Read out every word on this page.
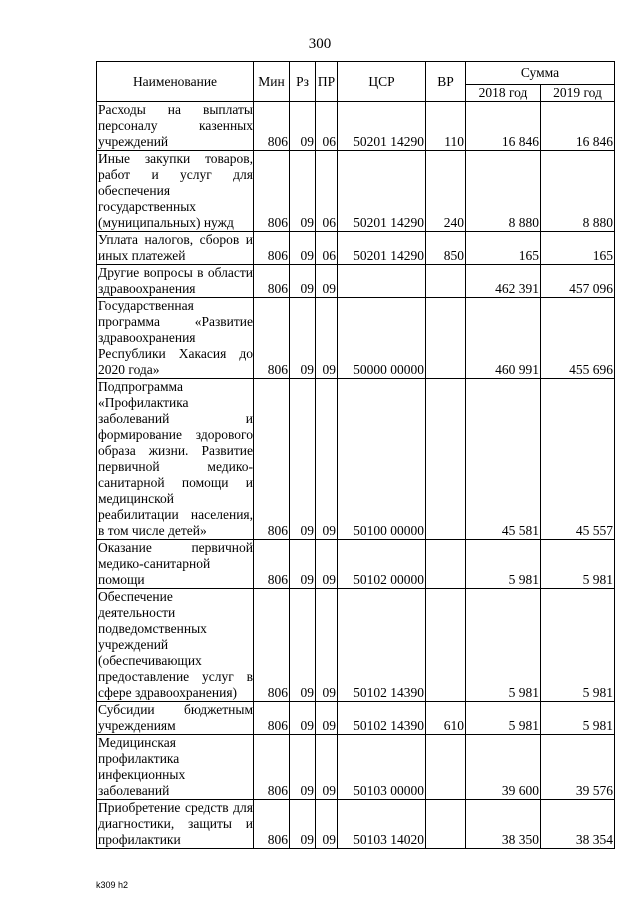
300
Наименование	Мин	Рз	ПР	ЦСР	ВР	Сумма	
						2018 год	2019 год
Расходы на выплаты персоналу казенных учреждений	806	09	06	50201 14290	110	16 846	16 846
Иные закупки товаров, работ и услуг для обеспечения государственных (муниципальных) нужд	806	09	06	50201 14290	240	8 880	8 880
Уплата налогов, сборов и иных платежей	806	09	06	50201 14290	850	165	165
Другие вопросы в области здравоохранения	806	09	09			462 391	457 096
Государственная программа «Развитие здравоохранения Республики Хакасия до 2020 года»	806	09	09	50000 00000		460 991	455 696
Подпрограмма «Профилактика заболеваний и формирование здорового образа жизни. Развитие первичной медико-санитарной помощи и медицинской реабилитации населения, в том числе детей»	806	09	09	50100 00000		45 581	45 557
Оказание первичной медико-санитарной помощи	806	09	09	50102 00000		5 981	5 981
Обеспечение деятельности подведомственных учреждений (обеспечивающих предоставление услуг в сфере здравоохранения)	806	09	09	50102 14390		5 981	5 981
Субсидии бюджетным учреждениям	806	09	09	50102 14390	610	5 981	5 981
Медицинская профилактика инфекционных заболеваний	806	09	09	50103 00000		39 600	39 576
Приобретение средств для диагностики, защиты и профилактики	806	09	09	50103 14020		38 350	38 354
k309 h2
